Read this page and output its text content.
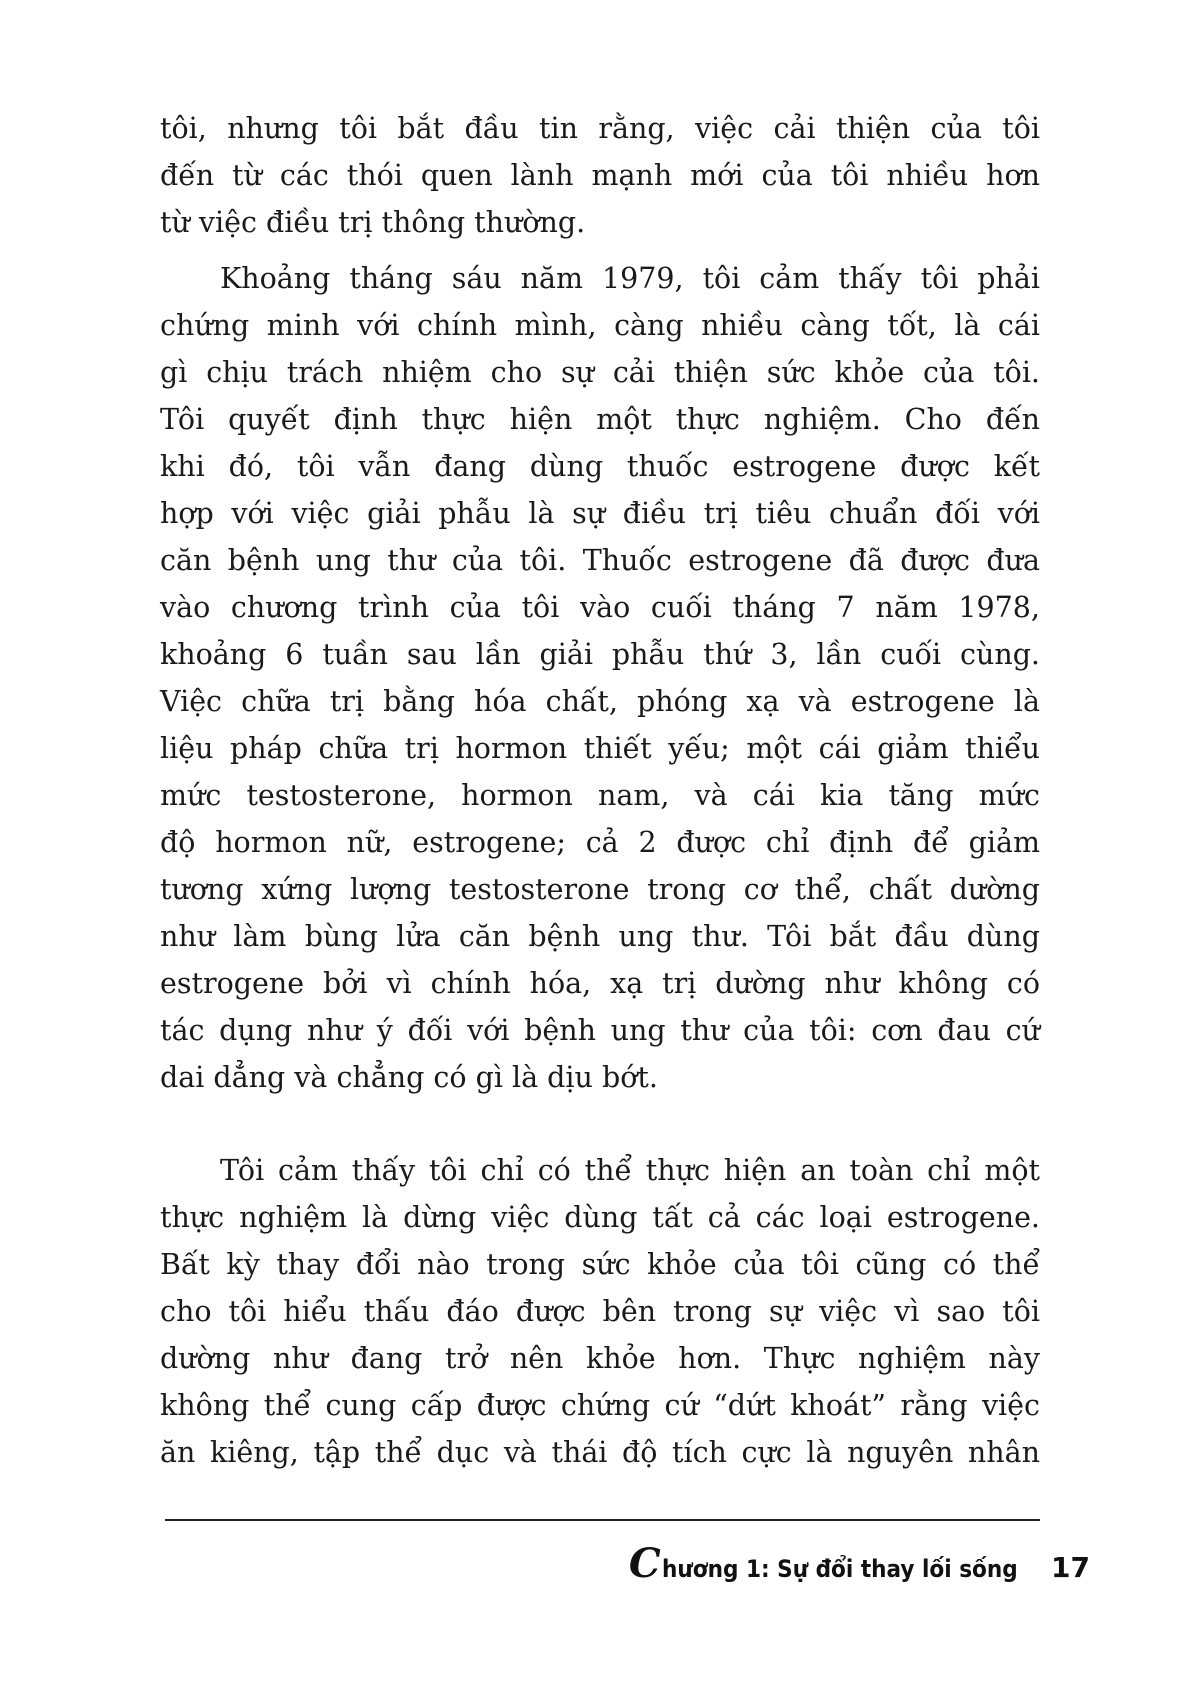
tôi, nhưng tôi bắt đầu tin rằng, việc cải thiện của tôi
đến từ các thói quen lành mạnh mới của tôi nhiều hơn
từ việc điều trị thông thường.
Khoảng tháng sáu năm 1979, tôi cảm thấy tôi phải
chứng minh với chính mình, càng nhiều càng tốt, là cái
gì chịu trách nhiệm cho sự cải thiện sức khỏe của tôi.
Tôi quyết định thực hiện một thực nghiệm. Cho đến
khi đó, tôi vẫn đang dùng thuốc estrogene được kết
hợp với việc giải phẫu là sự điều trị tiêu chuẩn đối với
căn bệnh ung thư của tôi. Thuốc estrogene đã được đưa
vào chương trình của tôi vào cuối tháng 7 năm 1978,
khoảng 6 tuần sau lần giải phẫu thứ 3, lần cuối cùng.
Việc chữa trị bằng hóa chất, phóng xạ và estrogene là
liệu pháp chữa trị hormon thiết yếu; một cái giảm thiểu
mức testosterone, hormon nam, và cái kia tăng mức
độ hormon nữ, estrogene; cả 2 được chỉ định để giảm
tương xứng lượng testosterone trong cơ thể, chất dường
như làm bùng lửa căn bệnh ung thư. Tôi bắt đầu dùng
estrogene bởi vì chính hóa, xạ trị dường như không có
tác dụng như ý đối với bệnh ung thư của tôi: cơn đau cứ
dai dẳng và chẳng có gì là dịu bớt.
Tôi cảm thấy tôi chỉ có thể thực hiện an toàn chỉ một
thực nghiệm là dừng việc dùng tất cả các loại estrogene.
Bất kỳ thay đổi nào trong sức khỏe của tôi cũng có thể
cho tôi hiểu thấu đáo được bên trong sự việc vì sao tôi
dường như đang trở nên khỏe hơn. Thực nghiệm này
không thể cung cấp được chứng cứ “dứt khoát” rằng việc
ăn kiêng, tập thể dục và thái độ tích cực là nguyên nhân
C hương 1: Sự đổi thay lối sống 17
